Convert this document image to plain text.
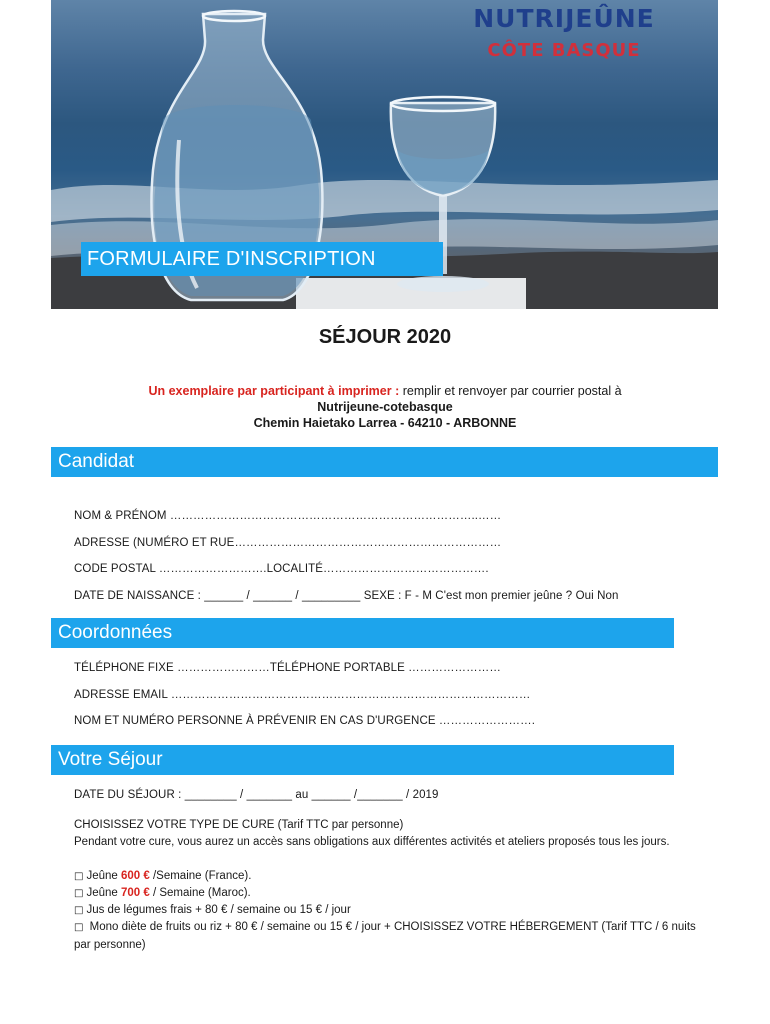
NUTRIJEÛNE
CÔTE BASQUE
FORMULAIRE D'INSCRIPTION
SÉJOUR 2020
Un exemplaire par participant à imprimer : remplir et renvoyer par courrier postal à
Nutrijeune-cotebasque
Chemin Haietako Larrea - 64210 - ARBONNE
Candidat
NOM & PRÉNOM ……………………………………………………………………..……
ADRESSE (NUMÉRO ET RUE……………………………………………………………
CODE POSTAL ……………………….LOCALITÉ…………………………………….
DATE DE NAISSANCE : ______ / ______ / _________ SEXE : F - M C'est mon premier jeûne ? Oui Non
Coordonnées
TÉLÉPHONE FIXE ……………………TÉLÉPHONE PORTABLE ……………………
ADRESSE EMAIL …………………………………………………………………………………
NOM ET NUMÉRO PERSONNE À PRÉVENIR EN CAS D'URGENCE …………………….
Votre Séjour
DATE DU SÉJOUR : ________ / _______ au ______ /_______ / 2019
CHOISISSEZ VOTRE TYPE DE CURE (Tarif TTC par personne)
Pendant votre cure, vous aurez un accès sans obligations aux différentes activités et ateliers proposés tous les jours.
□ Jeûne 600 € /Semaine (France).
□ Jeûne 700 € / Semaine (Maroc).
□ Jus de légumes frais + 80 € / semaine ou 15 € / jour
□ Mono diète de fruits ou riz + 80 € / semaine ou 15 € / jour + CHOISISSEZ VOTRE HÉBERGEMENT (Tarif TTC / 6 nuits par personne)
